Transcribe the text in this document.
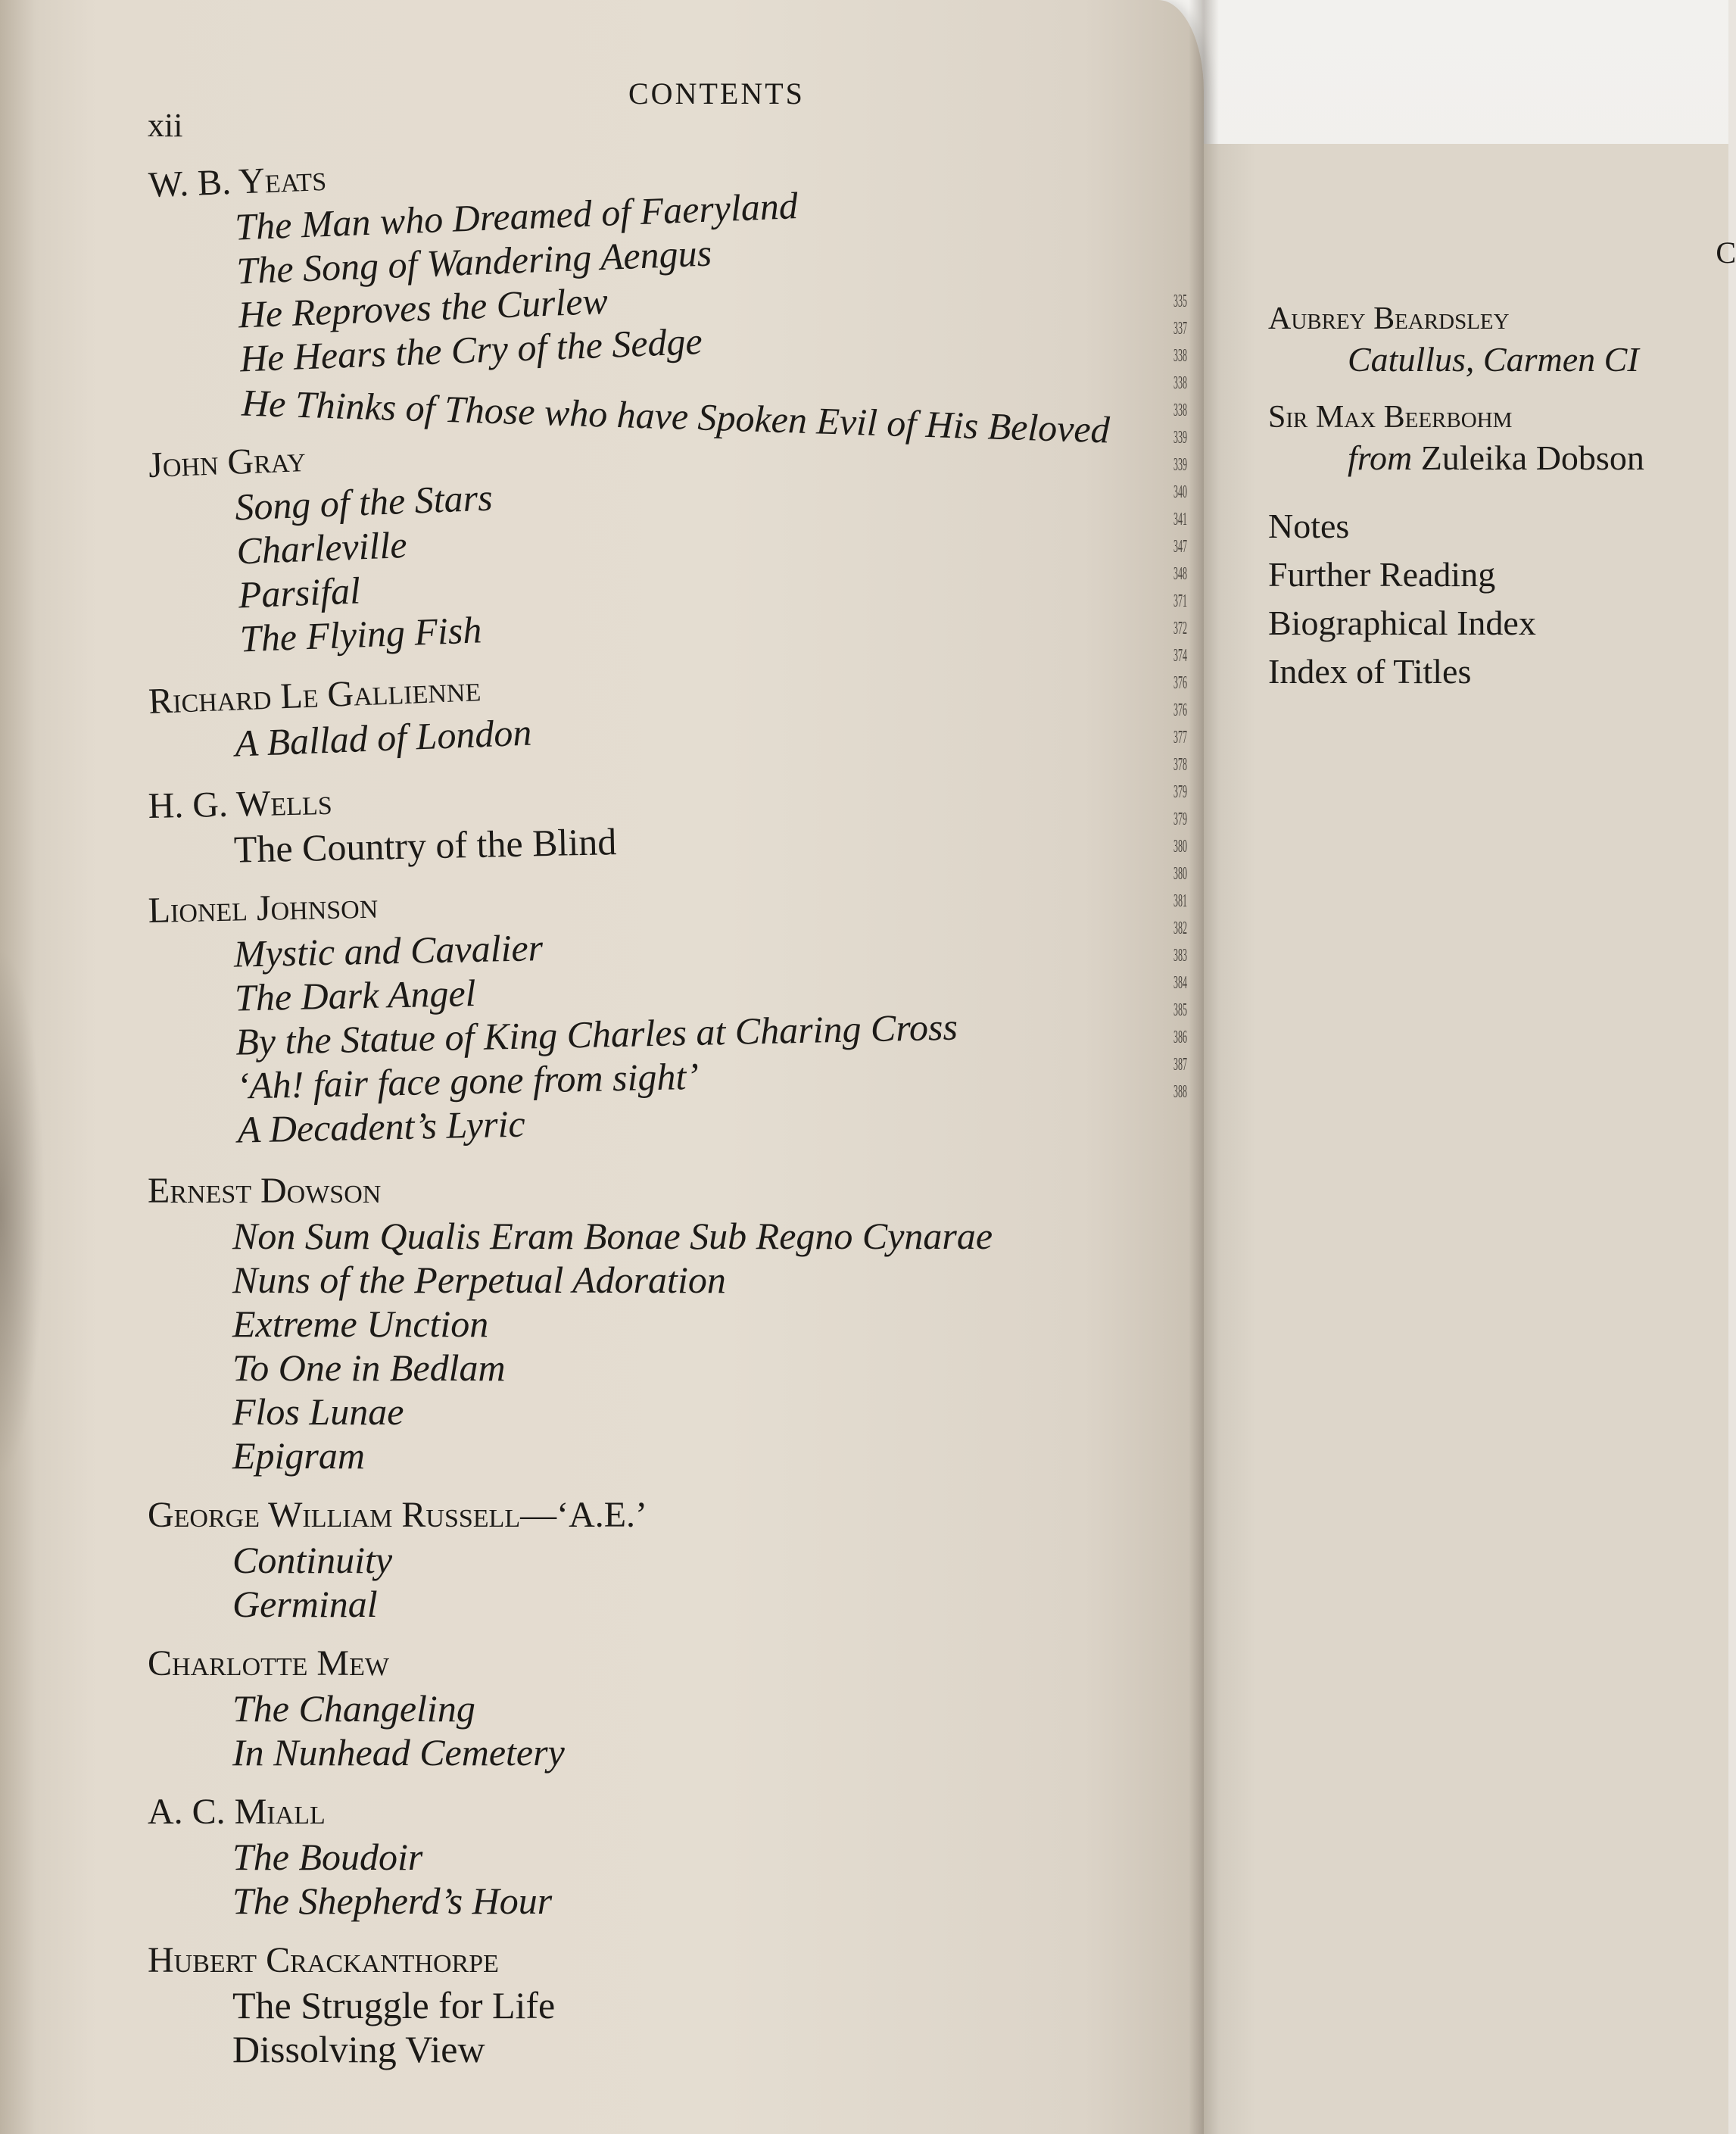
CONTENTS
xii
W. B. Yeats
The Man who Dreamed of Faeryland
The Song of Wandering Aengus
He Reproves the Curlew
He Hears the Cry of the Sedge
He Thinks of Those who have Spoken Evil of His Beloved
John Gray
Song of the Stars
Charleville
Parsifal
The Flying Fish
Richard Le Gallienne
A Ballad of London
H. G. Wells
The Country of the Blind
Lionel Johnson
Mystic and Cavalier
The Dark Angel
By the Statue of King Charles at Charing Cross
‘Ah! fair face gone from sight’
A Decadent’s Lyric
Ernest Dowson
Non Sum Qualis Eram Bonae Sub Regno Cynarae
Nuns of the Perpetual Adoration
Extreme Unction
To One in Bedlam
Flos Lunae
Epigram
George William Russell—‘A.E.’
Continuity
Germinal
Charlotte Mew
The Changeling
In Nunhead Cemetery
A. C. Miall
The Boudoir
The Shepherd’s Hour
Hubert Crackanthorpe
The Struggle for Life
Dissolving View
335
337
338
338
338
339
339
340
341
347
348
371
372
374
376
376
377
378
379
379
380
380
381
382
383
384
385
386
387
388
C
Aubrey Beardsley
Catullus, Carmen CI
Sir Max Beerbohm
from Zuleika Dobson
Notes
Further Reading
Biographical Index
Index of Titles
